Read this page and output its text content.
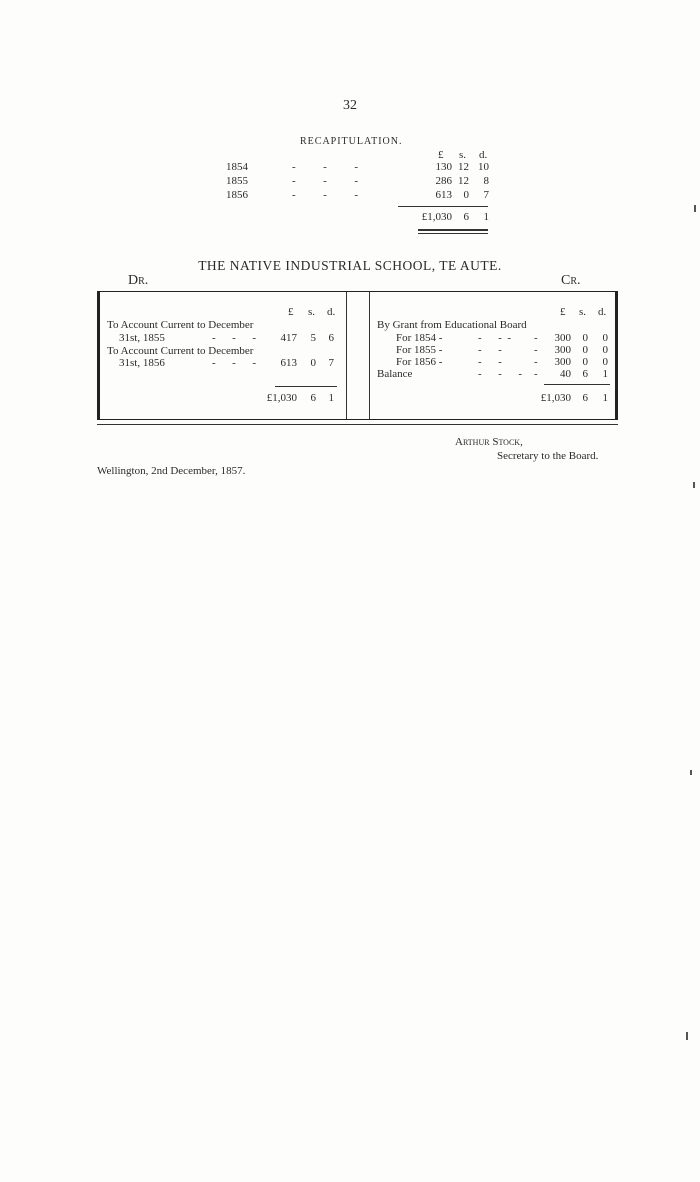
32
RECAPITULATION.
£ s. d.
1854	-          -          -	130 12 10
1855	-          -          -	286 12	8
1856	-          -          -	613	0	7
£1,030	6	1
THE NATIVE INDUSTRIAL SCHOOL, TE AUTE.
Dr.	Cr.
£ s. d.
To Account Current to December
31st, 1855	-      -      -	417	5	6
To Account Current to December
31st, 1856	-      -      -	613	0	7
£1,030	6	1
£ s. d.
By Grant from Educational Board
For 1854 -	-      -  - -	300	0	0
For 1855 -	-      -	-	300	0	0
For 1856 -	-      -	-	300	0	0
Balance	-      -      - -	40	6	1
£1,030	6	1
Arthur Stock,
Secretary to the Board.
Wellington, 2nd December, 1857.
